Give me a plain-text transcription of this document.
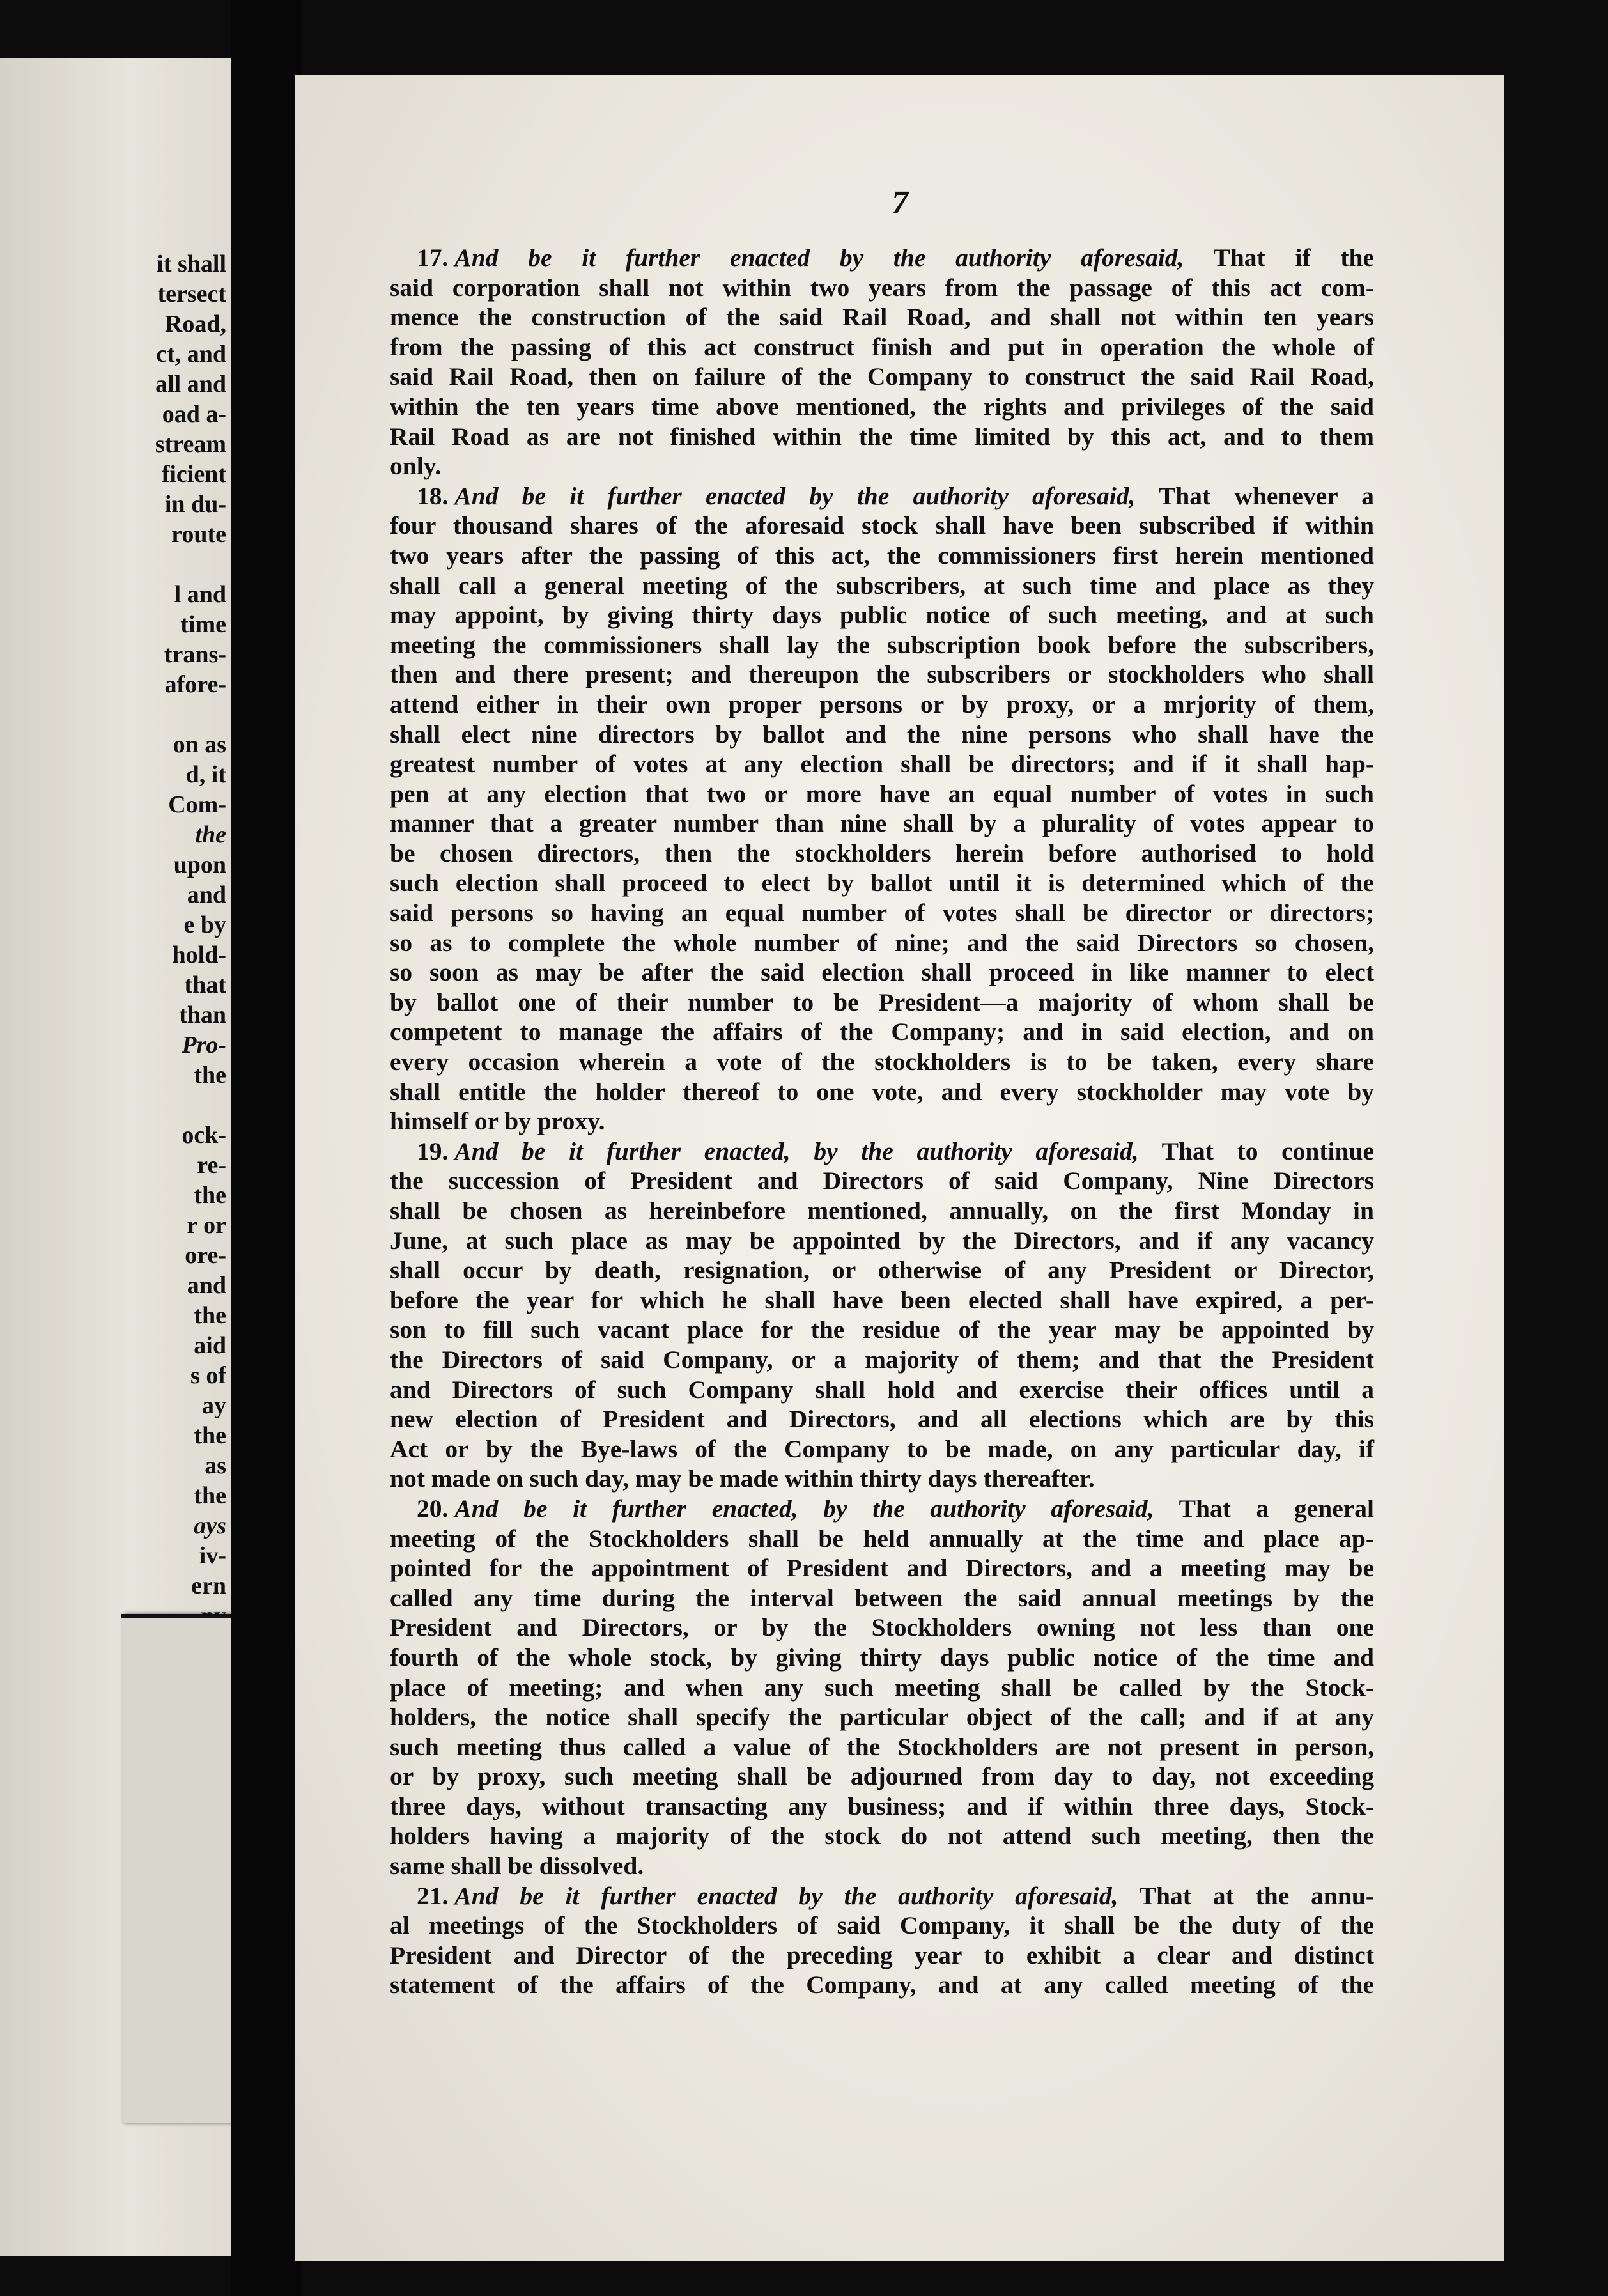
it shall
tersect
Road,
ct, and
all and
oad a-
stream
ficient
in du-
route
l and
time
trans-
afore-
on as
d, it
Com-
the
upon
and
e by
hold-
that
than
Pro-
the
ock-
re-
the
r or
ore-
and
the
aid
s of
ay
the
as
the
ays
iv-
ern
7
17. And be it further enacted by the authority aforesaid, That if the
said corporation shall not within two years from the passage of this act com-
mence the construction of the said Rail Road, and shall not within ten years
from the passing of this act construct finish and put in operation the whole of
said Rail Road, then on failure of the Company to construct the said Rail Road,
within the ten years time above mentioned, the rights and privileges of the said
Rail Road as are not finished within the time limited by this act, and to them
only.
18. And be it further enacted by the authority aforesaid, That whenever a
four thousand shares of the aforesaid stock shall have been subscribed if within
two years after the passing of this act, the commissioners first herein mentioned
shall call a general meeting of the subscribers, at such time and place as they
may appoint, by giving thirty days public notice of such meeting, and at such
meeting the commissioners shall lay the subscription book before the subscribers,
then and there present; and thereupon the subscribers or stockholders who shall
attend either in their own proper persons or by proxy, or a mrjority of them,
shall elect nine directors by ballot and the nine persons who shall have the
greatest number of votes at any election shall be directors; and if it shall hap-
pen at any election that two or more have an equal number of votes in such
manner that a greater number than nine shall by a plurality of votes appear to
be chosen directors, then the stockholders herein before authorised to hold
such election shall proceed to elect by ballot until it is determined which of the
said persons so having an equal number of votes shall be director or directors;
so as to complete the whole number of nine; and the said Directors so chosen,
so soon as may be after the said election shall proceed in like manner to elect
by ballot one of their number to be President—a majority of whom shall be
competent to manage the affairs of the Company; and in said election, and on
every occasion wherein a vote of the stockholders is to be taken, every share
shall entitle the holder thereof to one vote, and every stockholder may vote by
himself or by proxy.
19. And be it further enacted, by the authority aforesaid, That to continue
the succession of President and Directors of said Company, Nine Directors
shall be chosen as hereinbefore mentioned, annually, on the first Monday in
June, at such place as may be appointed by the Directors, and if any vacancy
shall occur by death, resignation, or otherwise of any President or Director,
before the year for which he shall have been elected shall have expired, a per-
son to fill such vacant place for the residue of the year may be appointed by
the Directors of said Company, or a majority of them; and that the President
and Directors of such Company shall hold and exercise their offices until a
new election of President and Directors, and all elections which are by this
Act or by the Bye-laws of the Company to be made, on any particular day, if
not made on such day, may be made within thirty days thereafter.
20. And be it further enacted, by the authority aforesaid, That a general
meeting of the Stockholders shall be held annually at the time and place ap-
pointed for the appointment of President and Directors, and a meeting may be
called any time during the interval between the said annual meetings by the
President and Directors, or by the Stockholders owning not less than one
fourth of the whole stock, by giving thirty days public notice of the time and
place of meeting; and when any such meeting shall be called by the Stock-
holders, the notice shall specify the particular object of the call; and if at any
such meeting thus called a value of the Stockholders are not present in person,
or by proxy, such meeting shall be adjourned from day to day, not exceeding
three days, without transacting any business; and if within three days, Stock-
holders having a majority of the stock do not attend such meeting, then the
same shall be dissolved.
21. And be it further enacted by the authority aforesaid, That at the annu-
al meetings of the Stockholders of said Company, it shall be the duty of the
President and Director of the preceding year to exhibit a clear and distinct
statement of the affairs of the Company, and at any called meeting of the
